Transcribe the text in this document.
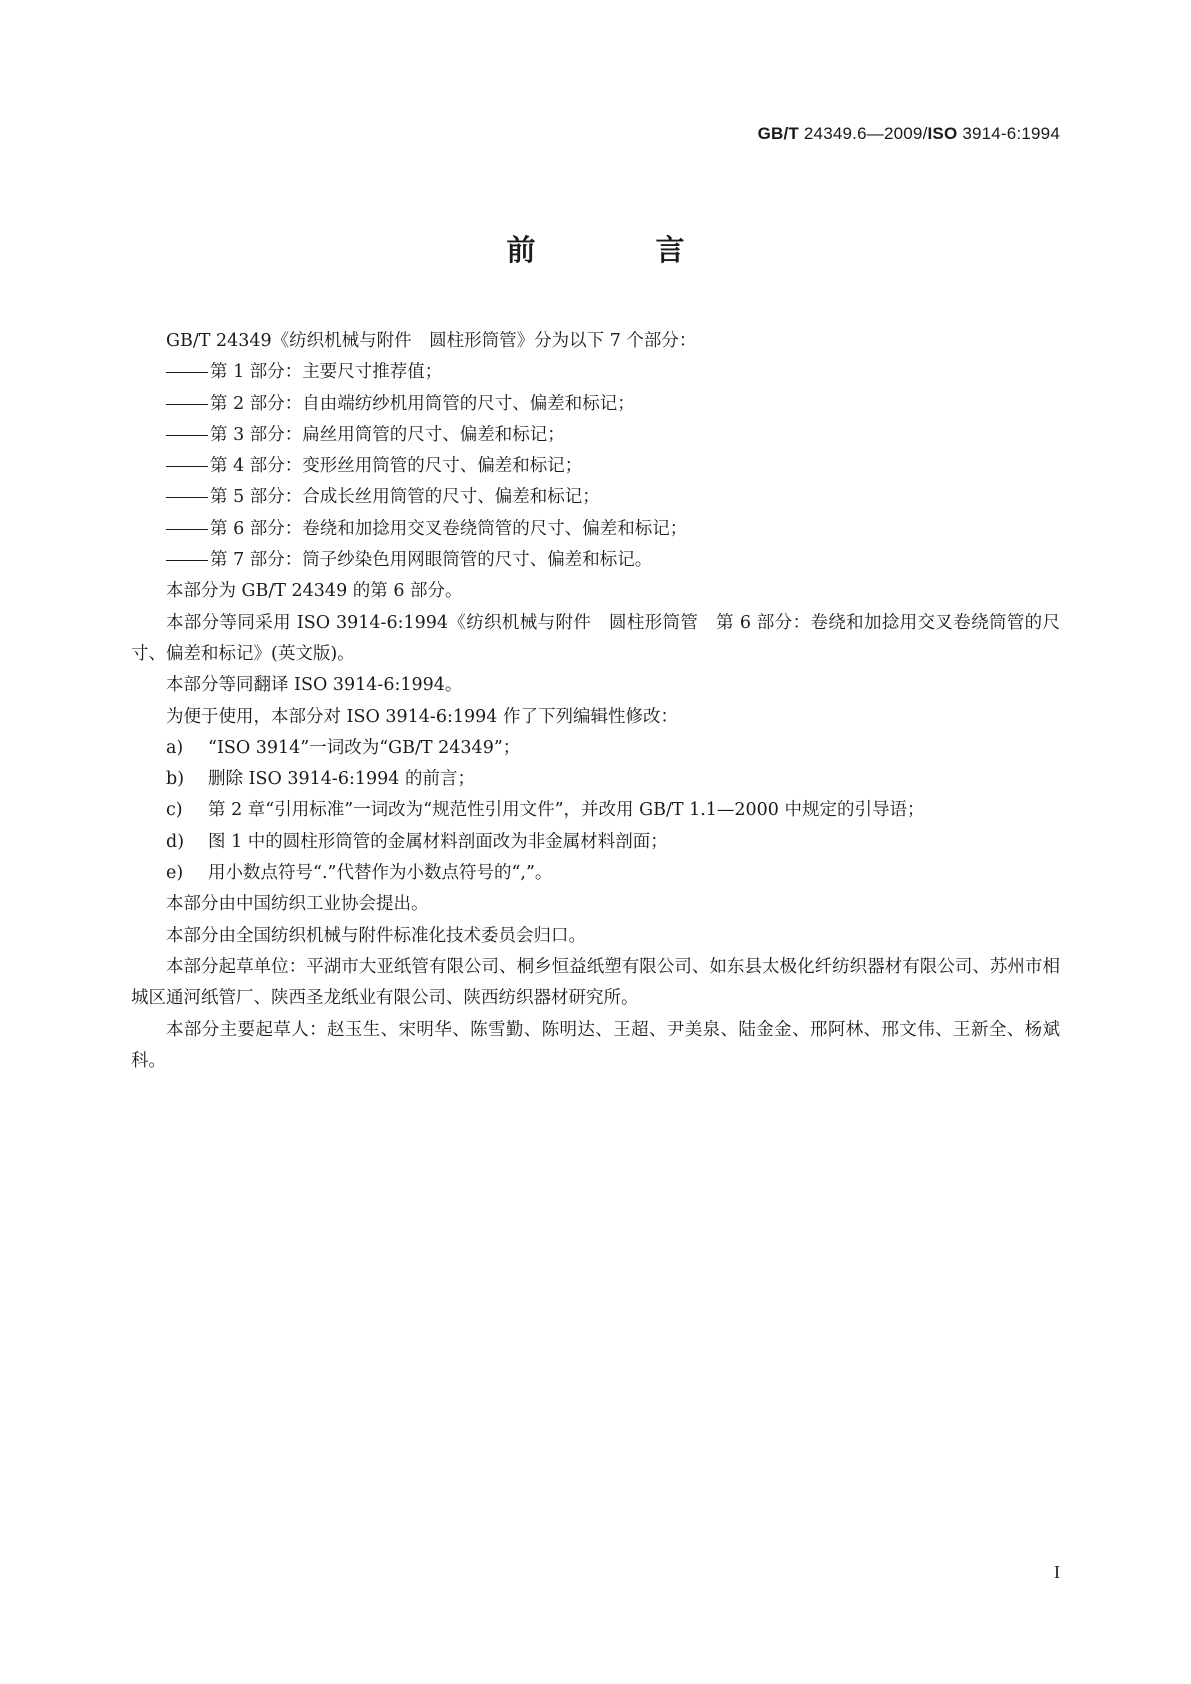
GB/T 24349.6—2009/ISO 3914-6:1994
前 言

GB/T 24349《纺织机械与附件　圆柱形筒管》分为以下 7 个部分：

第 1 部分：主要尺寸推荐值；

第 2 部分：自由端纺纱机用筒管的尺寸、偏差和标记；

第 3 部分：扁丝用筒管的尺寸、偏差和标记；

第 4 部分：变形丝用筒管的尺寸、偏差和标记；

第 5 部分：合成长丝用筒管的尺寸、偏差和标记；

第 6 部分：卷绕和加捻用交叉卷绕筒管的尺寸、偏差和标记；

第 7 部分：筒子纱染色用网眼筒管的尺寸、偏差和标记。

本部分为 GB/T 24349 的第 6 部分。

本部分等同采用 ISO 3914-6:1994《纺织机械与附件　圆柱形筒管　第 6 部分：卷绕和加捻用交叉卷绕筒管的尺寸、偏差和标记》(英文版)。

本部分等同翻译 ISO 3914-6:1994。

为便于使用，本部分对 ISO 3914-6:1994 作了下列编辑性修改：

a)	“ISO 3914”一词改为“GB/T 24349”；

b)	删除 ISO 3914-6:1994 的前言；

c)	第 2 章“引用标准”一词改为“规范性引用文件”，并改用 GB/T 1.1—2000 中规定的引导语；

d)	图 1 中的圆柱形筒管的金属材料剖面改为非金属材料剖面；

e)	用小数点符号“.”代替作为小数点符号的“,”。

本部分由中国纺织工业协会提出。

本部分由全国纺织机械与附件标准化技术委员会归口。

本部分起草单位：平湖市大亚纸管有限公司、桐乡恒益纸塑有限公司、如东县太极化纤纺织器材有限公司、苏州市相城区通河纸管厂、陕西圣龙纸业有限公司、陕西纺织器材研究所。

本部分主要起草人：赵玉生、宋明华、陈雪勤、陈明达、王超、尹美泉、陆金金、邢阿林、邢文伟、王新全、杨斌科。

I
